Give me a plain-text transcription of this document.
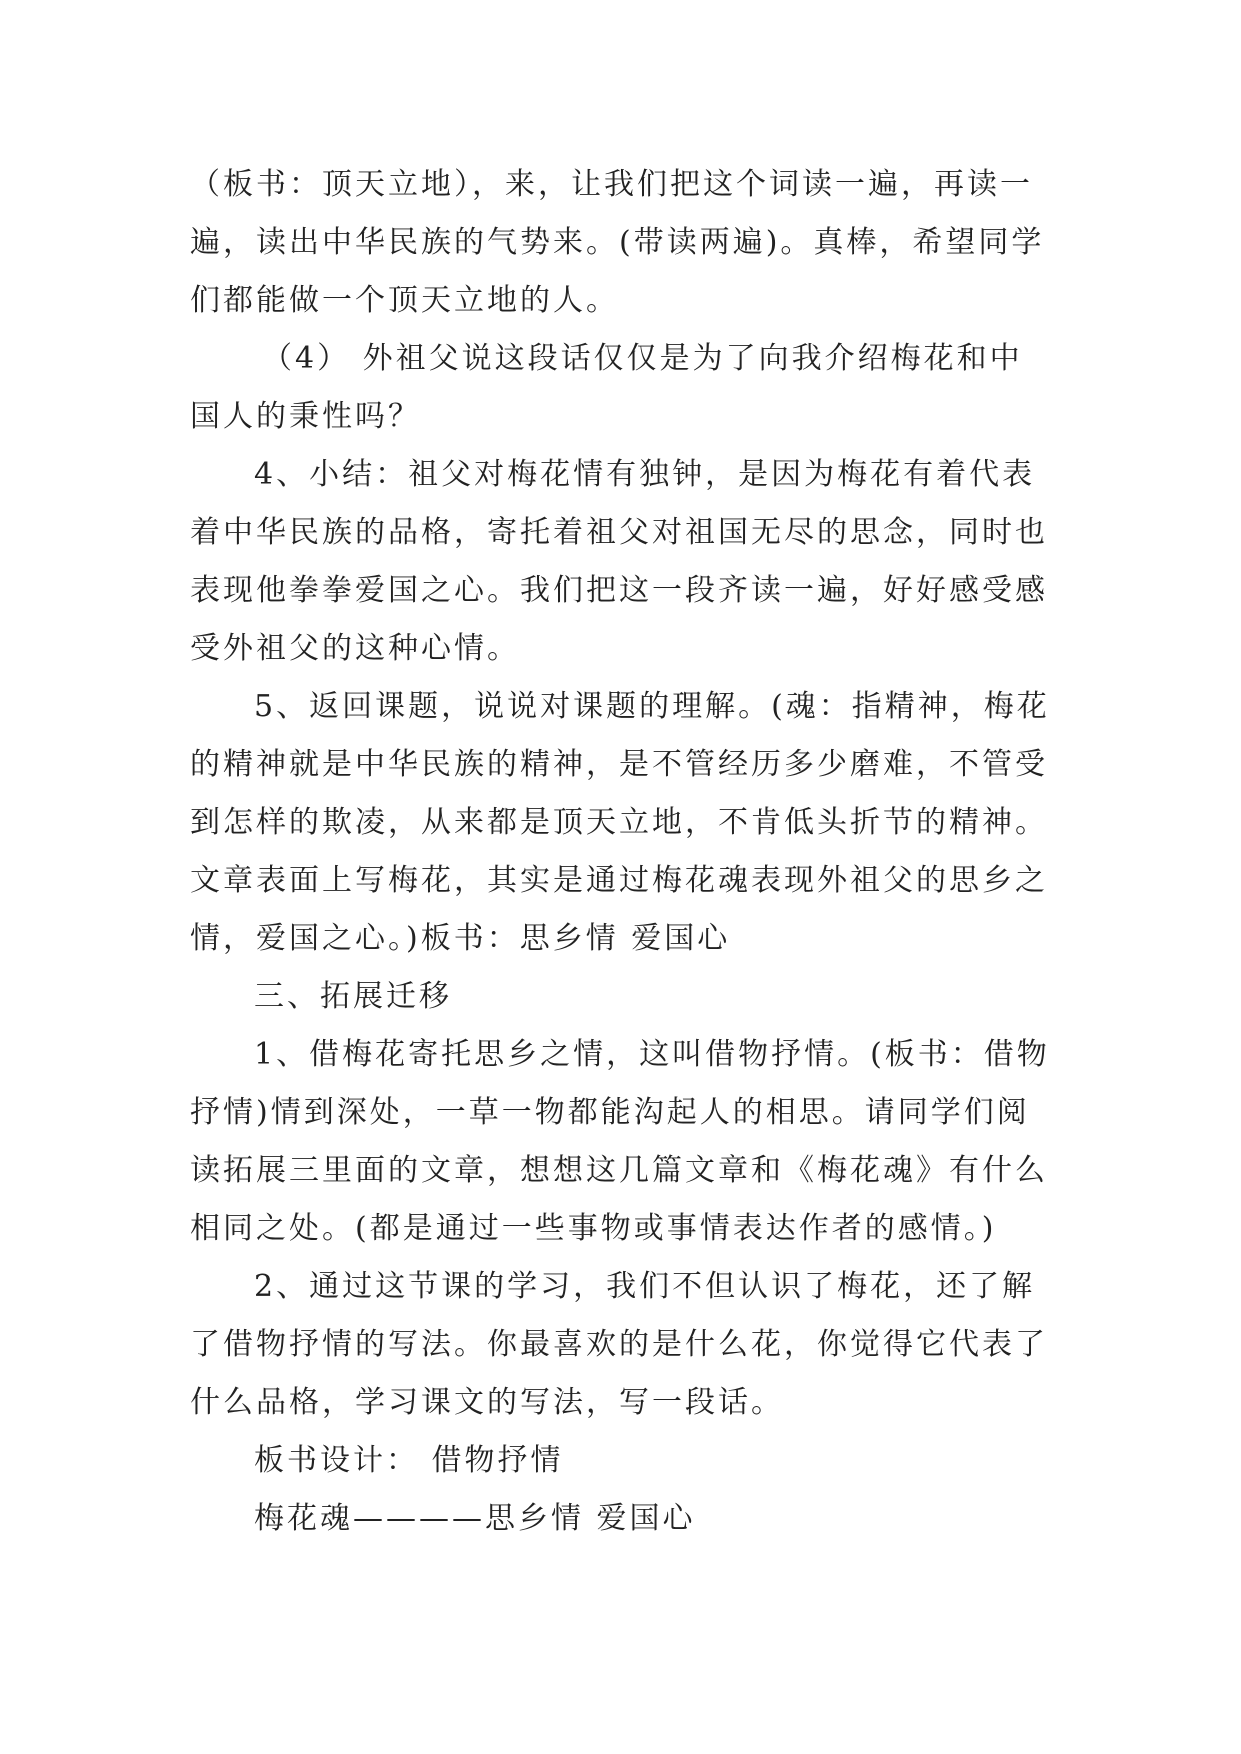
（板书：顶天立地），来，让我们把这个词读一遍，再读一
遍，读出中华民族的气势来。(带读两遍)。真棒，希望同学
们都能做一个顶天立地的人。

（4） 外祖父说这段话仅仅是为了向我介绍梅花和中
国人的秉性吗？

4、小结：祖父对梅花情有独钟，是因为梅花有着代表
着中华民族的品格，寄托着祖父对祖国无尽的思念，同时也
表现他拳拳爱国之心。我们把这一段齐读一遍，好好感受感
受外祖父的这种心情。

5、返回课题，说说对课题的理解。(魂：指精神，梅花
的精神就是中华民族的精神，是不管经历多少磨难，不管受
到怎样的欺凌，从来都是顶天立地，不肯低头折节的精神。
文章表面上写梅花，其实是通过梅花魂表现外祖父的思乡之
情，爱国之心。)板书：思乡情 爱国心

三、拓展迁移

1、借梅花寄托思乡之情，这叫借物抒情。(板书：借物
抒情)情到深处，一草一物都能沟起人的相思。请同学们阅
读拓展三里面的文章，想想这几篇文章和《梅花魂》有什么
相同之处。(都是通过一些事物或事情表达作者的感情。)

2、通过这节课的学习，我们不但认识了梅花，还了解
了借物抒情的写法。你最喜欢的是什么花，你觉得它代表了
什么品格，学习课文的写法，写一段话。

板书设计： 借物抒情

梅花魂————思乡情 爱国心
